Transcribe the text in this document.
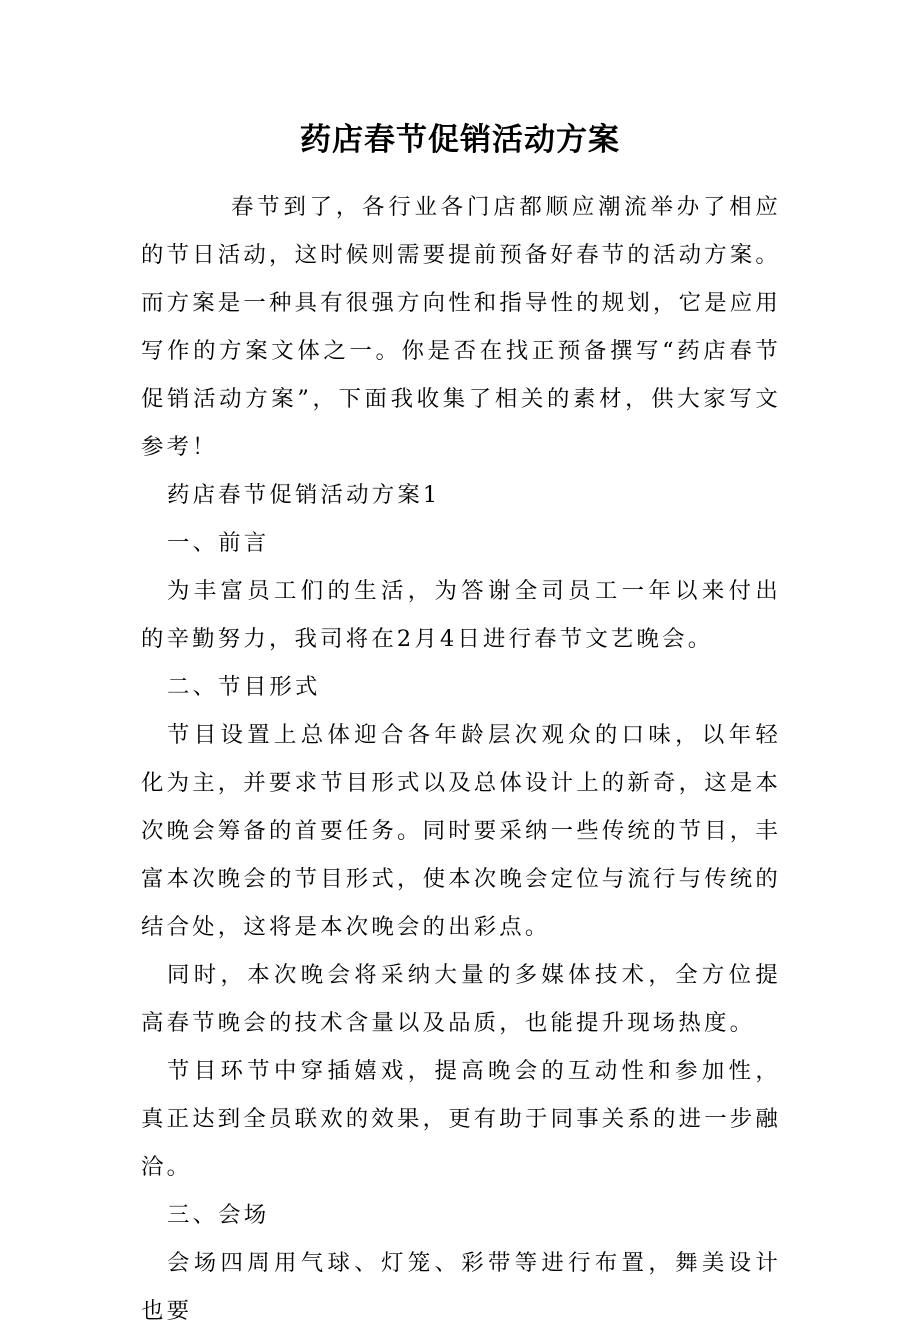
药店春节促销活动方案

春节到了，各行业各门店都顺应潮流举办了相应的节日活动，这时候则需要提前预备好春节的活动方案。而方案是一种具有很强方向性和指导性的规划，它是应用写作的方案文体之一。你是否在找正预备撰写“药店春节促销活动方案”，下面我收集了相关的素材，供大家写文参考！

药店春节促销活动方案1

一、前言

为丰富员工们的生活，为答谢全司员工一年以来付出的辛勤努力，我司将在2月4日进行春节文艺晚会。

二、节目形式

节目设置上总体迎合各年龄层次观众的口味，以年轻化为主，并要求节目形式以及总体设计上的新奇，这是本次晚会筹备的首要任务。同时要采纳一些传统的节目，丰富本次晚会的节目形式，使本次晚会定位与流行与传统的结合处，这将是本次晚会的出彩点。

同时，本次晚会将采纳大量的多媒体技术，全方位提高春节晚会的技术含量以及品质，也能提升现场热度。

节目环节中穿插嬉戏，提高晚会的互动性和参加性，真正达到全员联欢的效果，更有助于同事关系的进一步融洽。

三、会场

会场四周用气球、灯笼、彩带等进行布置，舞美设计也要
